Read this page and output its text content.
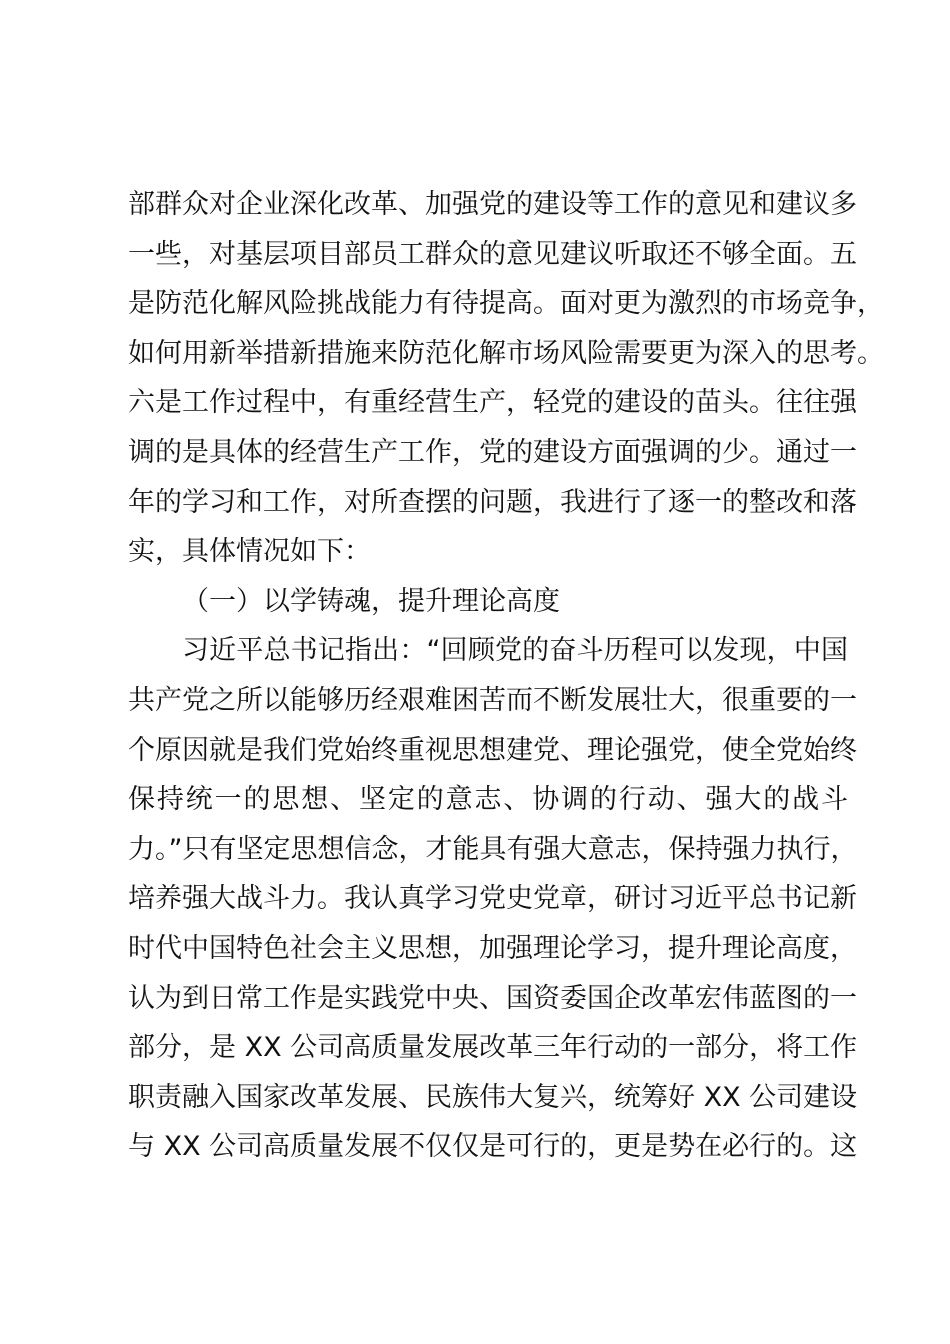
部群众对企业深化改革、加强党的建设等工作的意见和建议多
一些，对基层项目部员工群众的意见建议听取还不够全面。五
是防范化解风险挑战能力有待提高。面对更为激烈的市场竞争，
如何用新举措新措施来防范化解市场风险需要更为深入的思考。
六是工作过程中，有重经营生产，轻党的建设的苗头。往往强
调的是具体的经营生产工作，党的建设方面强调的少。通过一
年的学习和工作，对所查摆的问题，我进行了逐一的整改和落
实，具体情况如下：
（一）以学铸魂，提升理论高度
习近平总书记指出：“回顾党的奋斗历程可以发现，中国
共产党之所以能够历经艰难困苦而不断发展壮大，很重要的一
个原因就是我们党始终重视思想建党、理论强党，使全党始终
保持统一的思想、坚定的意志、协调的行动、强大的战斗
力。”只有坚定思想信念，才能具有强大意志，保持强力执行，
培养强大战斗力。我认真学习党史党章，研讨习近平总书记新
时代中国特色社会主义思想，加强理论学习，提升理论高度，
认为到日常工作是实践党中央、国资委国企改革宏伟蓝图的一
部分，是 XX 公司高质量发展改革三年行动的一部分，将工作
职责融入国家改革发展、民族伟大复兴，统筹好 XX 公司建设
与 XX 公司高质量发展不仅仅是可行的，更是势在必行的。这
